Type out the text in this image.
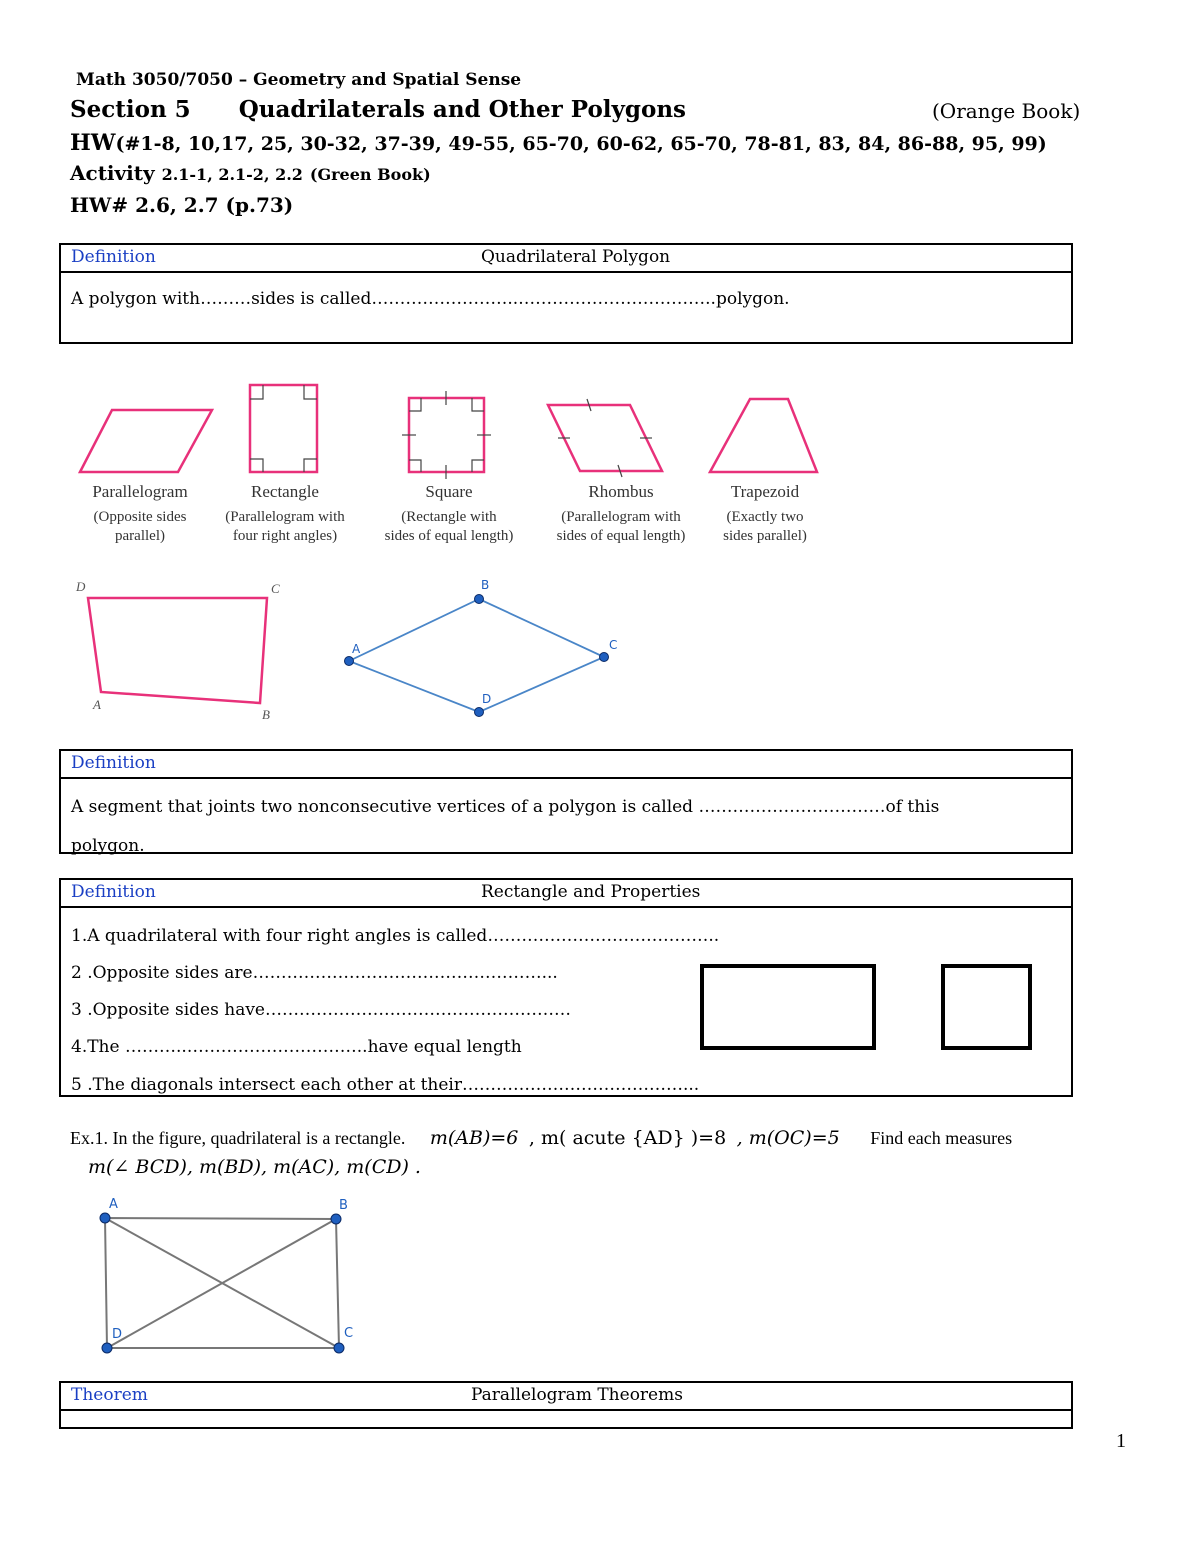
Math 3050/7050 – Geometry and Spatial Sense
Section 5      Quadrilaterals and Other Polygons	(Orange Book)
HW(#1-8, 10,17, 25, 30-32, 37-39, 49-55, 65-70, 60-62, 65-70, 78-81, 83, 84, 86-88, 95, 99)
Activity 2.1-1, 2.1-2, 2.2 (Green Book)
HW# 2.6, 2.7 (p.73)
Definition	Quadrilateral Polygon
A polygon with………sides is called……………………..……………………………..polygon.
Parallelogram
(Opposite sides
parallel)
Rectangle
(Parallelogram with
four right angles)
Square
(Rectangle with
sides of equal length)
Rhombus
(Parallelogram with
sides of equal length)
Trapezoid
(Exactly two
sides parallel)
D	C
A
B
A
B
C
D
Definition
A segment that joints two nonconsecutive vertices of a polygon is called ……………………………of this
polygon.
Definition	Rectangle and Properties
1.A quadrilateral with four right angles is called…………………………………..
2 .Opposite sides are……………………………………………...
3 .Opposite sides have………………………………………………
4.The ………..…………………………..have equal length
5 .The diagonals intersect each other at their…………………………………...
Ex.1. In the figure, quadrilateral is a rectangle. m(AB)=6 , m( acute {AD} )=8 , m(OC)=5 Find each measures
m(∠ BCD), m(BD), m(AC), m(CD) .
A	B
C
D
Theorem	Parallelogram Theorems
1
